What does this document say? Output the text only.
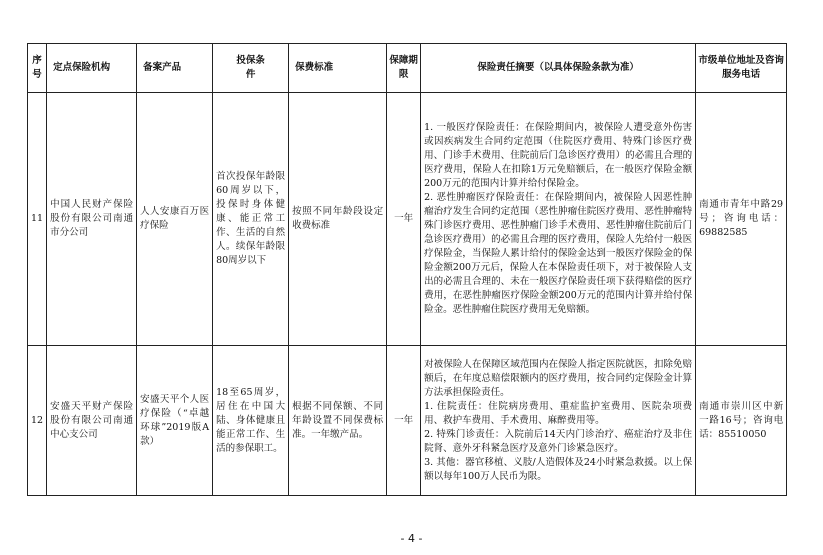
序号	定点保险机构	备案产品	投保条件	保费标准	保障期限	保险责任摘要（以具体保险条款为准）	市级单位地址及咨询服务电话
11	中国人民财产保险股份有限公司南通市分公司	人人安康百万医疗保险	首次投保年龄限60周岁以下，投保时身体健康、能正常工作、生活的自然人。续保年龄限80周岁以下	按照不同年龄段设定收费标准	一年	1. 一般医疗保险责任：在保险期间内，被保险人遭受意外伤害或因疾病发生合同约定范围（住院医疗费用、特殊门诊医疗费用、门诊手术费用、住院前后门急诊医疗费用）的必需且合理的医疗费用，保险人在扣除1万元免赔额后，在一般医疗保险金额200万元的范围内计算并给付保险金。

2. 恶性肿瘤医疗保险责任：在保险期间内，被保险人因恶性肿瘤治疗发生合同约定范围（恶性肿瘤住院医疗费用、恶性肿瘤特殊门诊医疗费用、恶性肿瘤门诊手术费用、恶性肿瘤住院前后门急诊医疗费用）的必需且合理的医疗费用，保险人先给付一般医疗保险金，当保险人累计给付的保险金达到一般医疗保险金的保险金额200万元后，保险人在本保险责任项下，对于被保险人支出的必需且合理的、未在一般医疗保险责任项下获得赔偿的医疗费用，在恶性肿瘤医疗保险金额200万元的范围内计算并给付保险金。恶性肿瘤住院医疗费用无免赔额。	南通市青年中路29号；咨询电话：69882585
12	安盛天平财产保险股份有限公司南通中心支公司	安盛天平个人医疗保险（“卓越环球”2019版A款）	18至65周岁，居住在中国大陆、身体健康且能正常工作、生活的参保职工。	根据不同保额、不同年龄设置不同保费标准。一年缴产品。	一年	对被保险人在保障区域范围内在保险人指定医院就医，扣除免赔额后，在年度总赔偿限额内的医疗费用，按合同约定保险金计算方法承担保险责任。

1. 住院责任：住院病房费用、重症监护室费用、医院杂项费用、救护车费用、手术费用、麻醉费用等。

2. 特殊门诊责任：入院前后14天内门诊治疗、癌症治疗及非住院肾、意外牙科紧急医疗及意外门诊紧急医疗。

3. 其他：器官移植、义肢/人造假体及24小时紧急救援。以上保额以每年100万人民币为限。	南通市崇川区中新一路16号；咨询电话：85510050
- 4 -
